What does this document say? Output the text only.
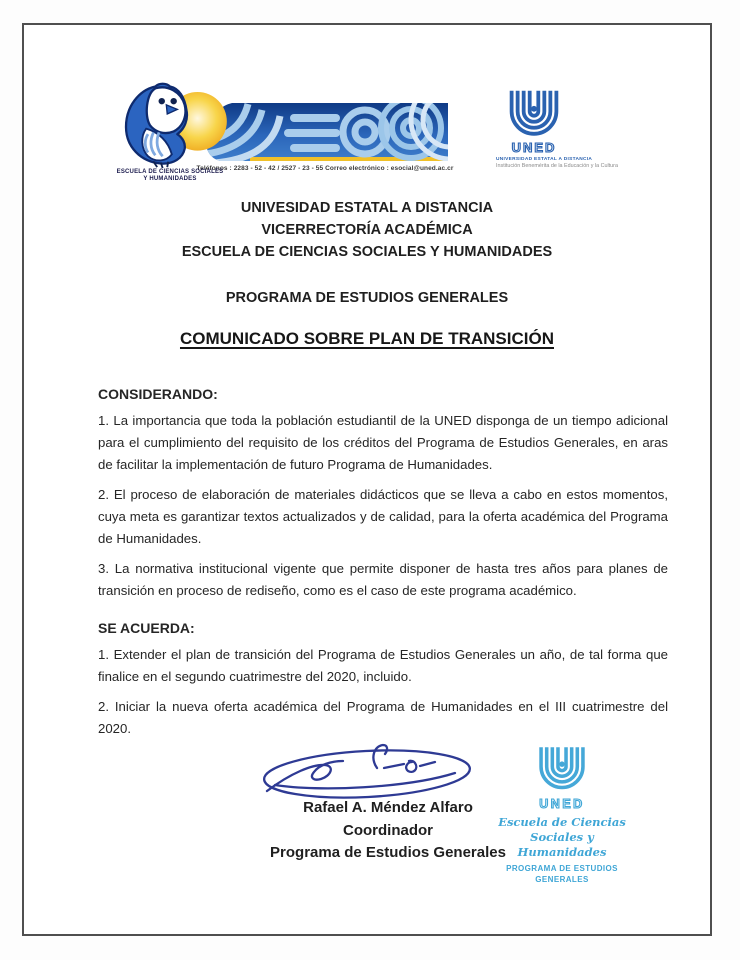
ESCUELA DE CIENCIAS SOCIALES
Y HUMANIDADES
Teléfonos : 2283 - 52 - 42 / 2527 - 23 - 55 Correo electrónico : esocial@uned.ac.cr
UNED
UNIVERSIDAD ESTATAL A DISTANCIA
Institución Benemérita de la Educación y la Cultura
UNIVESIDAD ESTATAL A DISTANCIA
VICERRECTORÍA ACADÉMICA
ESCUELA DE CIENCIAS SOCIALES Y HUMANIDADES
PROGRAMA DE ESTUDIOS GENERALES
COMUNICADO SOBRE PLAN DE TRANSICIÓN
CONSIDERANDO:

1. La importancia que toda la población estudiantil de la UNED disponga de un tiempo adicional para el cumplimiento del requisito de los créditos del Programa de Estudios Generales, en aras de facilitar la implementación de futuro Programa de Humanidades.

2. El proceso de elaboración de materiales didácticos que se lleva a cabo en estos momentos, cuya meta es garantizar textos actualizados y de calidad, para la oferta académica del Programa de Humanidades.

3. La normativa institucional vigente que permite disponer de hasta tres años para planes de transición en proceso de rediseño, como es el caso de este programa académico.

SE ACUERDA:

1. Extender el plan de transición del Programa de Estudios Generales un año, de tal forma que finalice en el segundo cuatrimestre del 2020, incluido.

2. Iniciar la nueva oferta académica del Programa de Humanidades en el III cuatrimestre del 2020.

Rafael A. Méndez Alfaro
Coordinador
Programa de Estudios Generales
UNED
Escuela de Ciencias
Sociales y Humanidades
PROGRAMA DE ESTUDIOS
GENERALES
